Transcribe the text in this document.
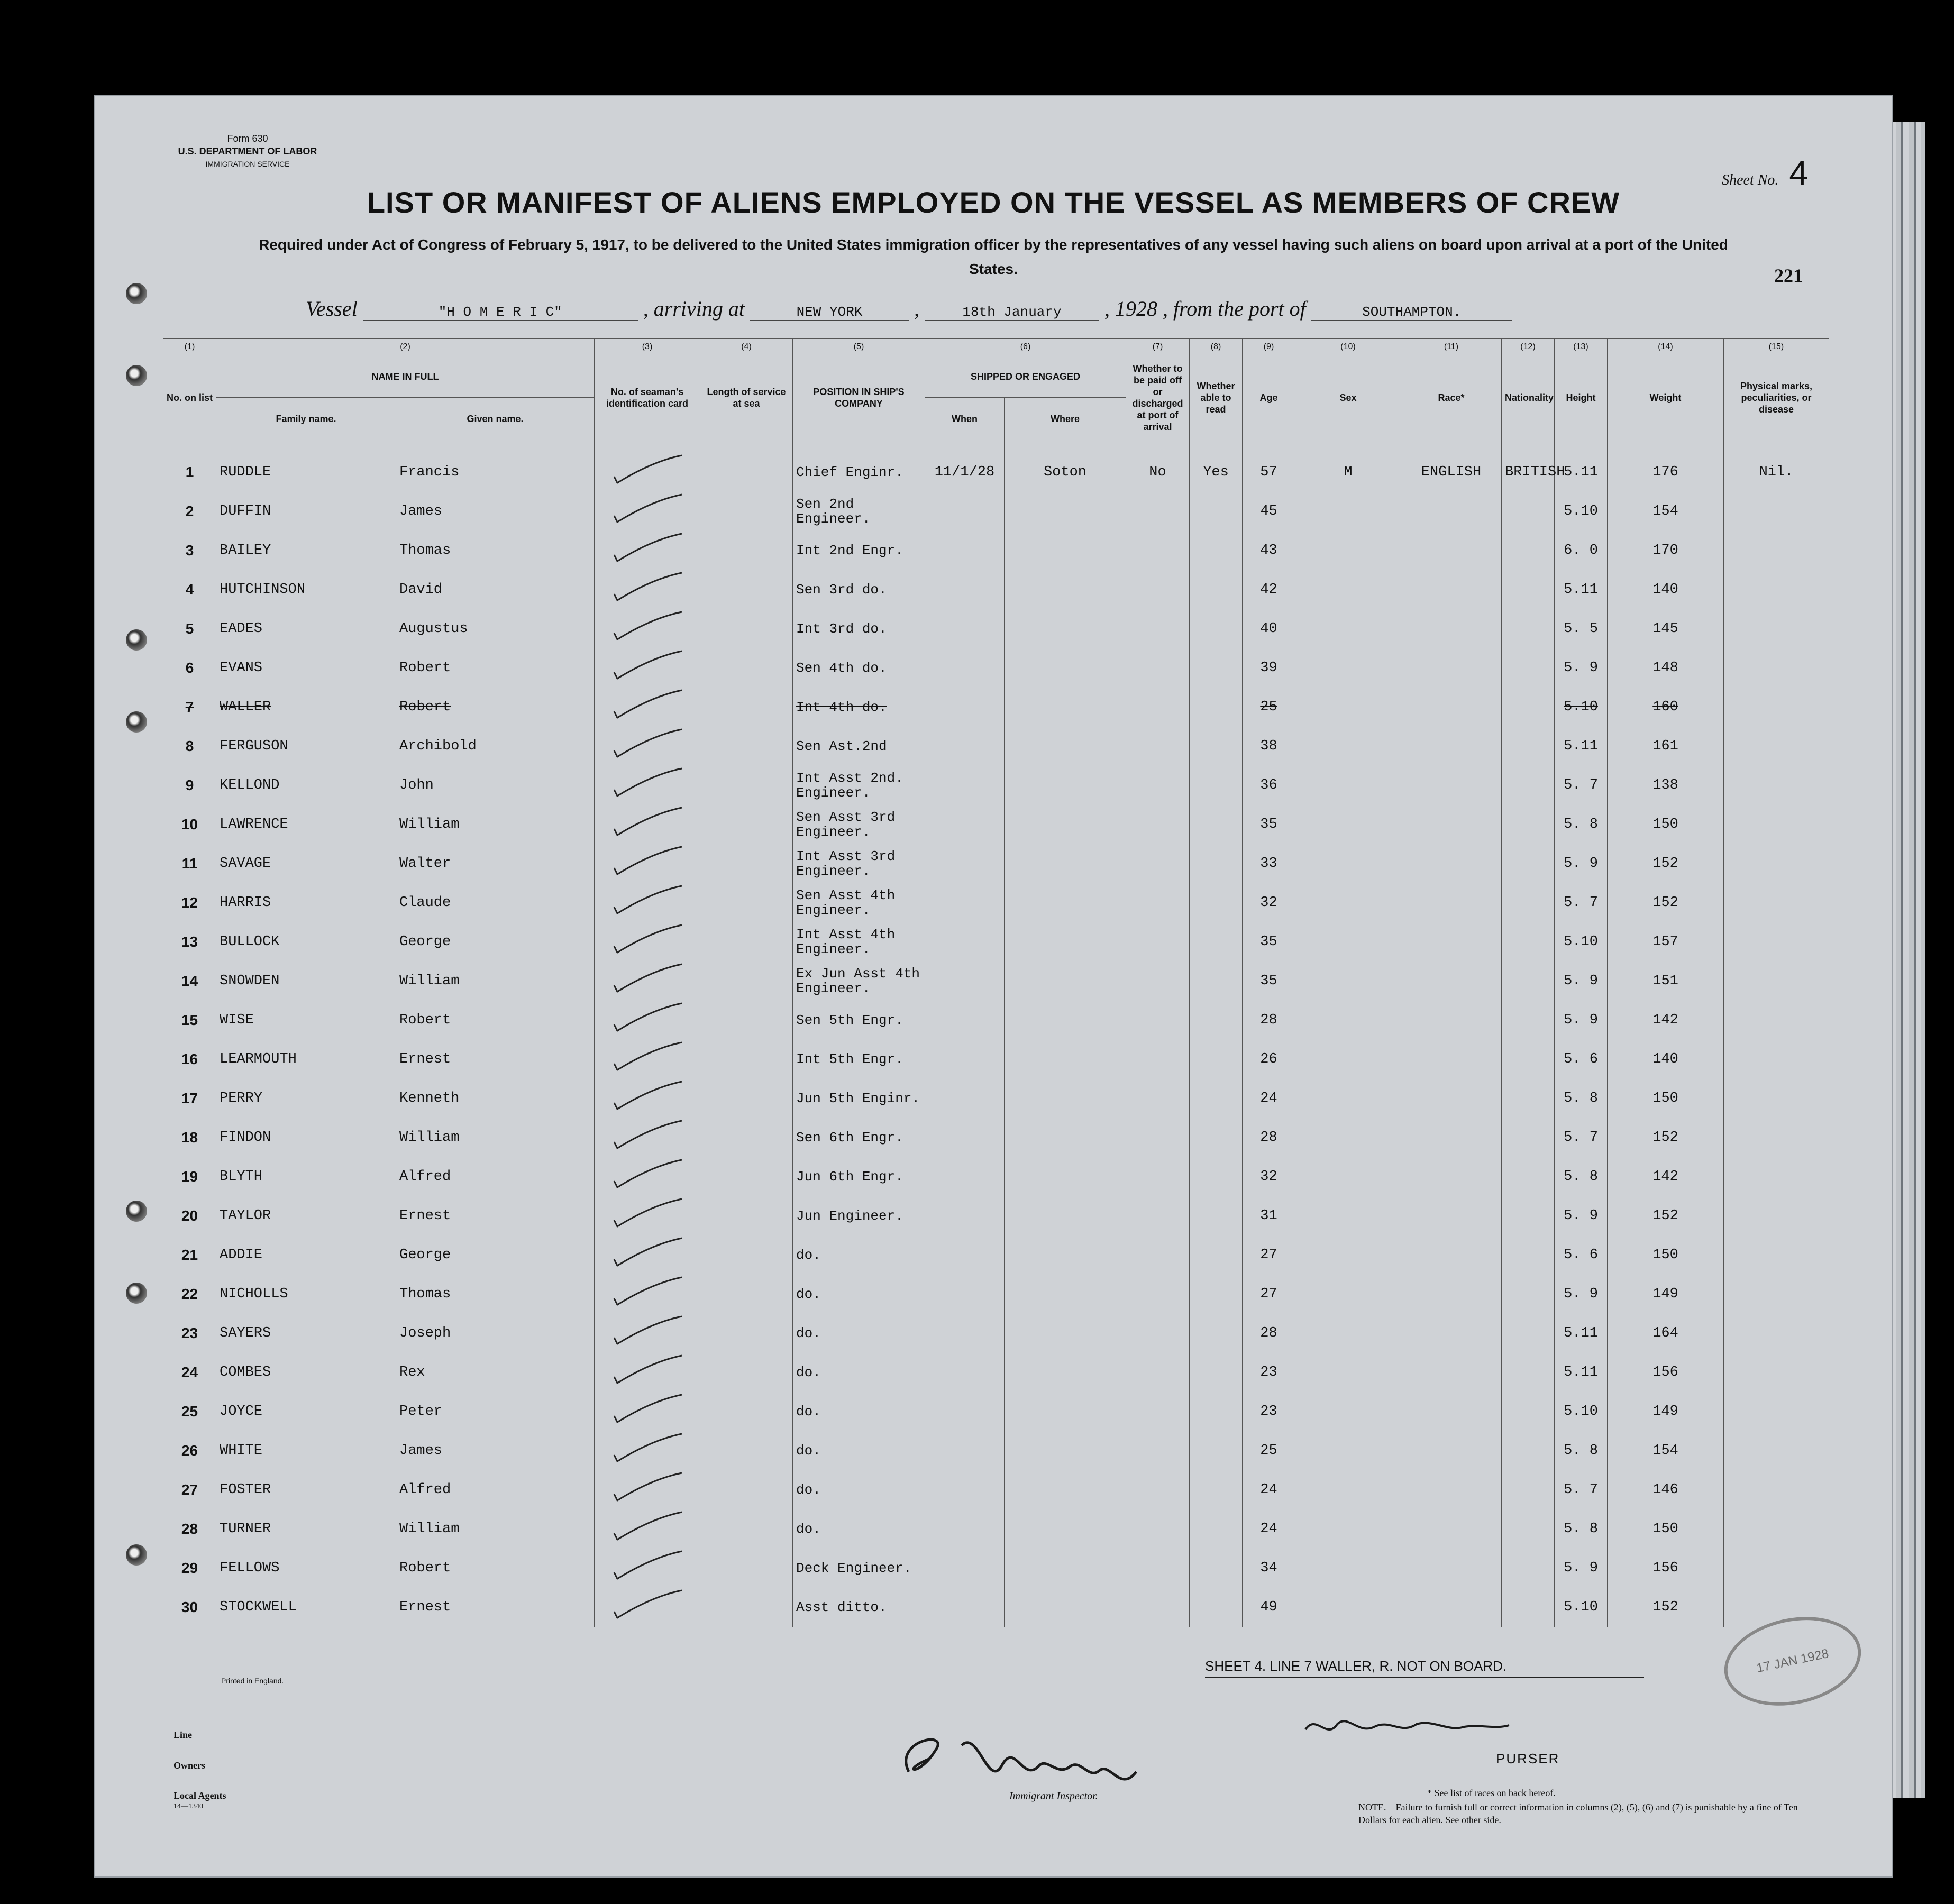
Form 630
U.S. DEPARTMENT OF LABOR
IMMIGRATION SERVICE
Sheet No. 4
LIST OR MANIFEST OF ALIENS EMPLOYED ON THE VESSEL AS MEMBERS OF CREW
Required under Act of Congress of February 5, 1917, to be delivered to the United States immigration officer by the representatives of any vessel having such aliens on board upon arrival at a port of the United States.	221
Vessel	"H O M E R I C"	, arriving at	NEW YORK ,	18th January , 1928 , from the port of	SOUTHAMPTON.
(1)	(2)		(3)	(4)	(5)	(6)		(7)	(8)	(9)	(10)	(11)	(12)	(13)	(14)	(15)
No. on list	NAME IN FULL		No. of seaman's identification card	Length of service at sea	POSITION IN SHIP'S COMPANY	SHIPPED OR ENGAGED		Whether to be paid off or discharged at port of arrival	Whether able to read	Age	Sex	Race*	Nationality	Height	Weight	Physical marks, peculiarities, or disease
	Family name.	Given name.				When	Where									
1	RUDDLE	Francis			Chief Enginr.	11/1/28	Soton	No	Yes	57	M	ENGLISH	BRITISH	5.11	176	Nil.
2	DUFFIN	James			Sen 2nd Engineer.					45				5.10	154	
3	BAILEY	Thomas			Int 2nd Engr.					43				6. 0	170	
4	HUTCHINSON	David			Sen 3rd do.					42				5.11	140	
5	EADES	Augustus			Int 3rd do.					40				5. 5	145	
6	EVANS	Robert			Sen 4th do.					39				5. 9	148	
7	WALLER	Robert			Int 4th do.					25				5.10	160	
8	FERGUSON	Archibold			Sen Ast.2nd					38				5.11	161	
9	KELLOND	John			Int Asst 2nd. Engineer.					36				5. 7	138	
10	LAWRENCE	William			Sen Asst 3rd Engineer.					35				5. 8	150	
11	SAVAGE	Walter			Int Asst 3rd Engineer.					33				5. 9	152	
12	HARRIS	Claude			Sen Asst 4th Engineer.					32				5. 7	152	
13	BULLOCK	George			Int Asst 4th Engineer.					35				5.10	157	
14	SNOWDEN	William			Ex Jun Asst 4th Engineer.					35				5. 9	151	
15	WISE	Robert			Sen 5th Engr.					28				5. 9	142	
16	LEARMOUTH	Ernest			Int 5th Engr.					26				5. 6	140	
17	PERRY	Kenneth			Jun 5th Enginr.					24				5. 8	150	
18	FINDON	William			Sen 6th Engr.					28				5. 7	152	
19	BLYTH	Alfred			Jun 6th Engr.					32				5. 8	142	
20	TAYLOR	Ernest			Jun Engineer.					31				5. 9	152	
21	ADDIE	George			do.					27				5. 6	150	
22	NICHOLLS	Thomas			do.					27				5. 9	149	
23	SAYERS	Joseph			do.					28				5.11	164	
24	COMBES	Rex			do.					23				5.11	156	
25	JOYCE	Peter			do.					23				5.10	149	
26	WHITE	James			do.					25				5. 8	154	
27	FOSTER	Alfred			do.					24				5. 7	146	
28	TURNER	William			do.					24				5. 8	150	
29	FELLOWS	Robert			Deck Engineer.					34				5. 9	156	
30	STOCKWELL	Ernest			Asst ditto.					49				5.10	152	
Printed in England.
Line
Owners
Local Agents
14—1340
Immigrant Inspector.
SHEET 4. LINE 7 WALLER, R. NOT ON BOARD.
PURSER
* See list of races on back hereof.
NOTE.—Failure to furnish full or correct information in columns (2), (5), (6) and (7) is punishable by a fine of Ten Dollars for each alien. See other side.
17 JAN 1928
